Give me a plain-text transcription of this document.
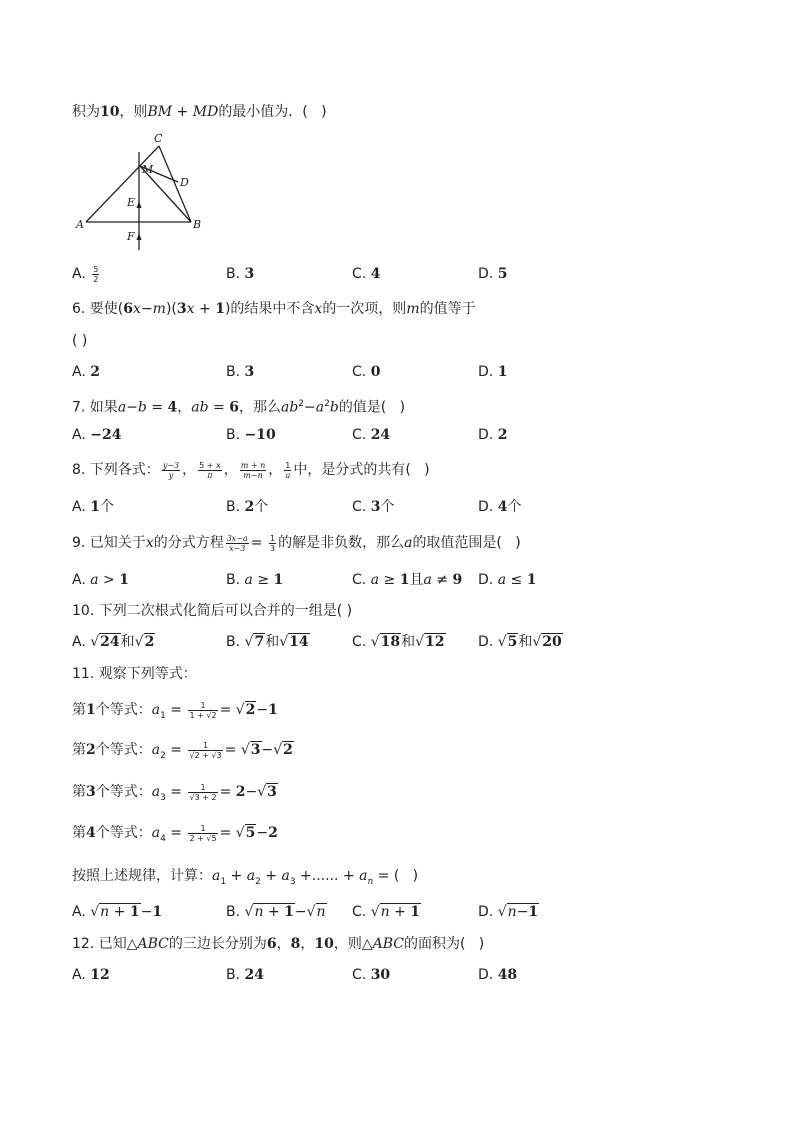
积为10，则BM + MD的最小值为．(   )
A	B
C
D
M
E
F
A. $\frac{5}{2}$	B. 3	C. 4	D. 5
6. 要使(6x−m)(3x + 1)的结果中不含x的一次项，则m的值等于
( )
A. 2	B. 3	C. 0	D. 1
7. 如果a−b = 4，ab = 6，那么$ab^2-a^2b$的值是(   )
A. −24	B. −10	C. 24	D. 2
8. 下列各式： $\frac{y-3}{y}$ ， $\frac{5 + x}{\pi}$ ， $\frac{m + n}{m-n}$ ， $\frac{1}{a}$ 中，是分式的共有(   )
A. 1个	B. 2个	C. 3个	D. 4个
9. 已知关于x的分式方程 $\frac{3x-a}{x-3} = \frac{1}{3}$ 的解是非负数，那么a的取值范围是(   )
A. a > 1	B. a ≥ 1	C. a ≥ 1且a ≠ 9 D. a ≤ 1
10. 下列二次根式化简后可以合并的一组是( )
A. √24和√2	B. √7和√14	C. √18和√12 D. √5和√20
11. 观察下列等式：
第1个等式：$a_1 = \frac{1}{1 + √2} = √2-1$
第2个等式：$a_2 = \frac{1}{√2 + √3} = √3-√2$
第3个等式：$a_3 = \frac{1}{√3 + 2} = 2-√3$
第4个等式：$a_4 = \frac{1}{2 + √5} = √5-2$
按照上述规律，计算：$a_1 + a_2 + a_3$ +...... + $a_n$ = (   )
A. √n + 1−1	B. √n + 1−√n C. √n + 1	D. √n−1
12. 已知△ABC的三边长分别为6，8，10，则△ABC的面积为(   )
A. 12	B. 24	C. 30	D. 48
